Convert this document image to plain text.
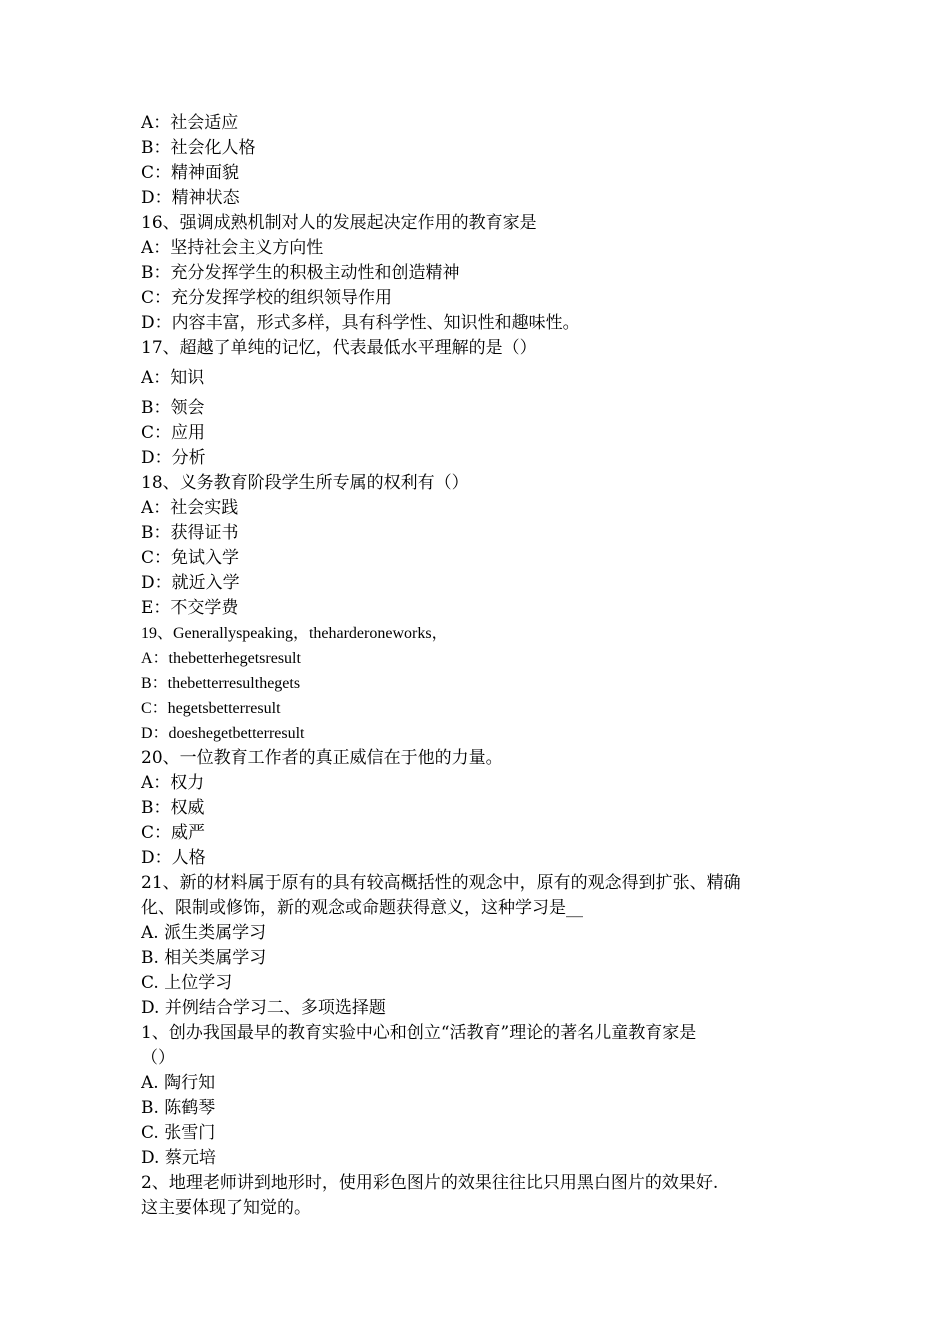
A：社会适应
B：社会化人格
C：精神面貌
D：精神状态
16、强调成熟机制对人的发展起决定作用的教育家是
A：坚持社会主义方向性
B：充分发挥学生的积极主动性和创造精神
C：充分发挥学校的组织领导作用
D：内容丰富，形式多样，具有科学性、知识性和趣味性。
17、超越了单纯的记忆，代表最低水平理解的是（）
A：知识
B：领会
C：应用
D：分析
18、义务教育阶段学生所专属的权利有（）
A：社会实践
B：获得证书
C：免试入学
D：就近入学
E：不交学费
19、Generallyspeaking，theharderoneworks，
A：thebetterhegetsresult
B：thebetterresulthegets
C：hegetsbetterresult
D：doeshegetbetterresult
20、一位教育工作者的真正威信在于他的力量。
A：权力
B：权威
C：威严
D：人格
21、新的材料属于原有的具有较高概括性的观念中，原有的观念得到扩张、精确
化、限制或修饰，新的观念或命题获得意义，这种学习是__
A. 派生类属学习
B. 相关类属学习
C. 上位学习
D. 并例结合学习二、多项选择题
1、创办我国最早的教育实验中心和创立“活教育”理论的著名儿童教育家是
（）
A. 陶行知
B. 陈鹤琴
C. 张雪门
D. 蔡元培
2、地理老师讲到地形时，使用彩色图片的效果往往比只用黑白图片的效果好.
这主要体现了知觉的。
